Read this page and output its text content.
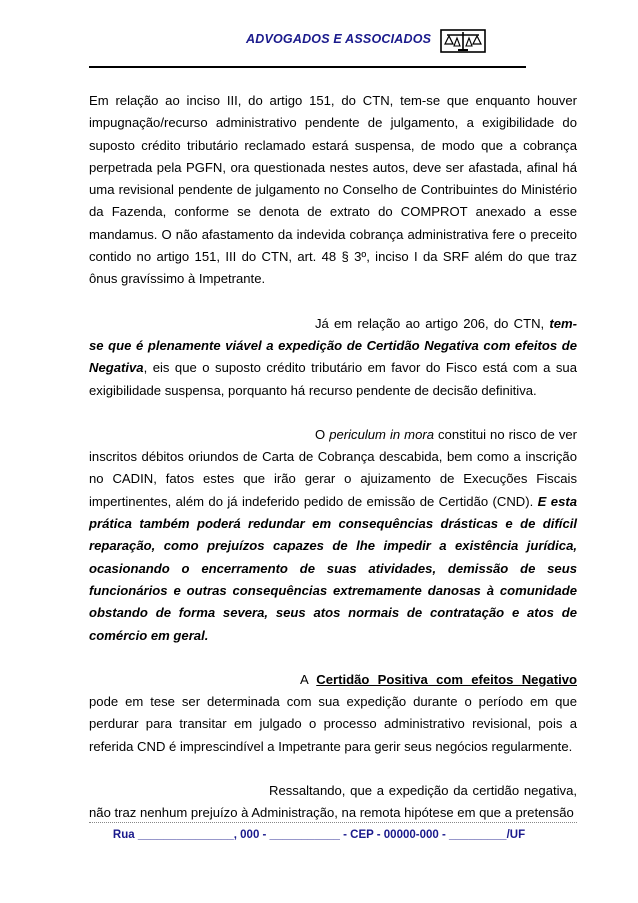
ADVOGADOS E ASSOCIADOS

Em relação ao inciso III, do artigo 151, do CTN, tem-se que enquanto houver impugnação/recurso administrativo pendente de julgamento, a exigibilidade do suposto crédito tributário reclamado estará suspensa, de modo que a cobrança perpetrada pela PGFN, ora questionada nestes autos, deve ser afastada, afinal há uma revisional pendente de julgamento no Conselho de Contribuintes do Ministério da Fazenda, conforme se denota de extrato do COMPROT anexado a esse mandamus. O não afastamento da indevida cobrança administrativa fere o preceito contido no artigo 151, III do CTN, art. 48 § 3º, inciso I da SRF além do que traz ônus gravíssimo à Impetrante.

Já em relação ao artigo 206, do CTN, tem-se que é plenamente viável a expedição de Certidão Negativa com efeitos de Negativa, eis que o suposto crédito tributário em favor do Fisco está com a sua exigibilidade suspensa, porquanto há recurso pendente de decisão definitiva.

O periculum in mora constitui no risco de ver inscritos débitos oriundos de Carta de Cobrança descabida, bem como a inscrição no CADIN, fatos estes que irão gerar o ajuizamento de Execuções Fiscais impertinentes, além do já indeferido pedido de emissão de Certidão (CND). E esta prática também poderá redundar em consequências drásticas e de difícil reparação, como prejuízos capazes de lhe impedir a existência jurídica, ocasionando o encerramento de suas atividades, demissão de seus funcionários e outras consequências extremamente danosas à comunidade obstando de forma severa, seus atos normais de contratação e atos de comércio em geral.

A Certidão Positiva com efeitos Negativo pode em tese ser determinada com sua expedição durante o período em que perdurar para transitar em julgado o processo administrativo revisional, pois a referida CND é imprescindível a Impetrante para gerir seus negócios regularmente.

Ressaltando, que a expedição da certidão negativa, não traz nenhum prejuízo à Administração, na remota hipótese em que a pretensão

Rua _______________, 000 - ___________ - CEP - 00000-000 - _________/UF
